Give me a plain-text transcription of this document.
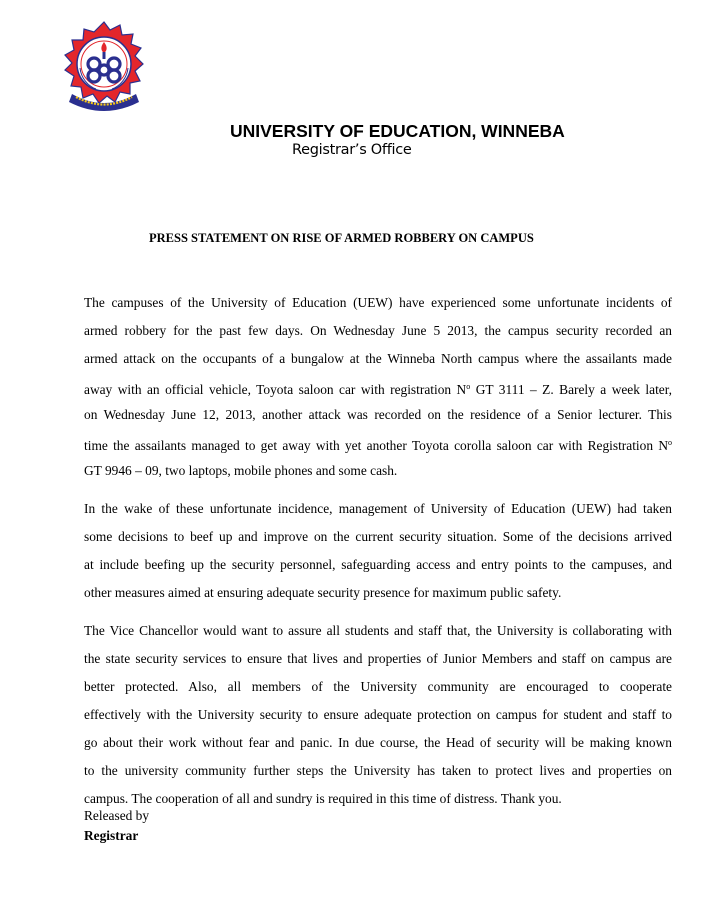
UNIVERSITY OF EDUCATION, WINNEBA
Registrar’s Office
PRESS STATEMENT ON RISE OF ARMED ROBBERY ON CAMPUS
The campuses of the University of Education (UEW) have experienced some unfortunate incidents of
armed robbery for the past few days. On Wednesday June 5 2013, the campus security recorded an
armed attack on the occupants of a bungalow at the Winneba North campus where the assailants made
away with an official vehicle, Toyota saloon car with registration $N^o$ GT 3111 – Z. Barely a week later,
on Wednesday June 12, 2013, another attack was recorded on the residence of a Senior lecturer. This
time the assailants managed to get away with yet another Toyota corolla saloon car with Registration $N^o$
GT 9946 – 09, two laptops, mobile phones and some cash.
In the wake of these unfortunate incidence, management of University of Education (UEW) had taken
some decisions to beef up and improve on the current security situation. Some of the decisions arrived
at include beefing up the security personnel, safeguarding access and entry points to the campuses, and
other measures aimed at ensuring adequate security presence for maximum public safety.
The Vice Chancellor would want to assure all students and staff that, the University is collaborating with
the state security services to ensure that lives and properties of Junior Members and staff on campus are
better protected. Also, all members of the University community are encouraged to cooperate
effectively with the University security to ensure adequate protection on campus for student and staff to
go about their work without fear and panic. In due course, the Head of security will be making known
to the university community further steps the University has taken to protect lives and properties on
campus. The cooperation of all and sundry is required in this time of distress. Thank you.
Released by
Registrar
